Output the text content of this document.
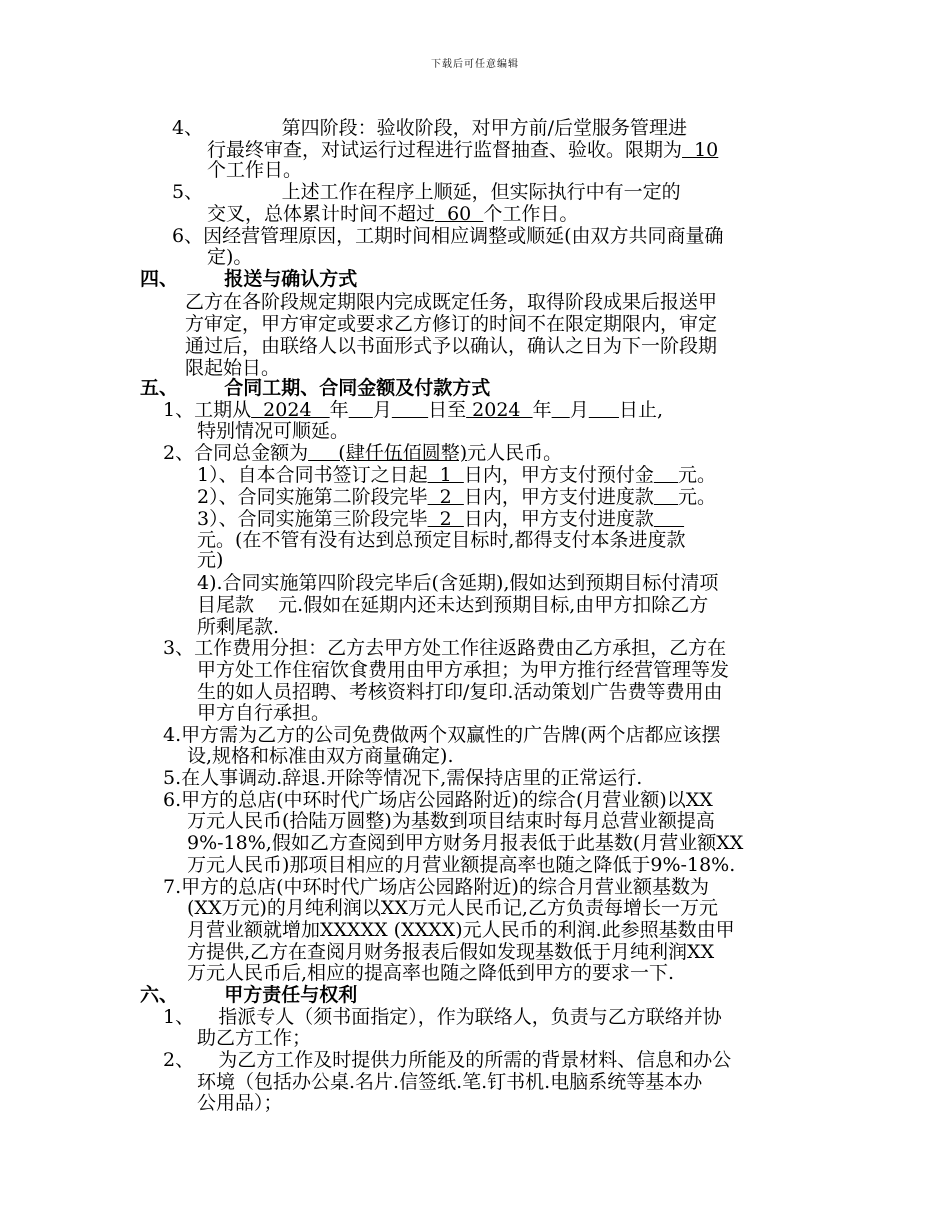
下载后可任意编辑
4、             第四阶段：验收阶段，对甲方前/后堂服务管理进
行最终审查，对试运行过程进行监督抽查、验收。限期为  10
个工作日。
5、             上述工作在程序上顺延，但实际执行中有一定的
交叉，总体累计时间不超过  60  个工作日。
6、因经营管理原因，工期时间相应调整或顺延(由双方共同商量确
定)。
四、       报送与确认方式
乙方在各阶段规定期限内完成既定任务，取得阶段成果后报送甲
方审定，甲方审定或要求乙方修订的时间不在限定期限内，审定
通过后，由联络人以书面形式予以确认，确认之日为下一阶段期
限起始日。
五、       合同工期、合同金额及付款方式
1、工期从  2024   年 月 日至 2024  年 月 日止,
特别情况可顺延。
2、合同总金额为     (肆仟伍佰圆整)元人民币。
1）、自本合同书签订之日起  1  日内，甲方支付预付金 元。
2）、合同实施第二阶段完毕  2  日内，甲方支付进度款 元。
3）、合同实施第三阶段完毕  2  日内，甲方支付进度款
元。(在不管有没有达到总预定目标时,都得支付本条进度款
元)
4).合同实施第四阶段完毕后(含延期),假如达到预期目标付清项
目尾款    元.假如在延期内还未达到预期目标,由甲方扣除乙方
所剩尾款.
3、工作费用分担：乙方去甲方处工作往返路费由乙方承担，乙方在
甲方处工作住宿饮食费用由甲方承担；为甲方推行经营管理等发
生的如人员招聘、考核资料打印/复印.活动策划广告费等费用由
甲方自行承担。
4.甲方需为乙方的公司免费做两个双赢性的广告牌(两个店都应该摆
设,规格和标准由双方商量确定).
5.在人事调动.辞退.开除等情况下,需保持店里的正常运行.
6.甲方的总店(中环时代广场店公园路附近)的综合(月营业额)以XX
万元人民币(拾陆万圆整)为基数到项目结束时每月总营业额提高
9%-18%,假如乙方查阅到甲方财务月报表低于此基数(月营业额XX
万元人民币)那项目相应的月营业额提高率也随之降低于9%-18%.
7.甲方的总店(中环时代广场店公园路附近)的综合月营业额基数为
(XX万元)的月纯利润以XX万元人民币记,乙方负责每增长一万元
月营业额就增加XXXXX (XXXX)元人民币的利润.此参照基数由甲
方提供,乙方在查阅月财务报表后假如发现基数低于月纯利润XX
万元人民币后,相应的提高率也随之降低到甲方的要求一下.
六、       甲方责任与权利
1、    指派专人（须书面指定），作为联络人，负责与乙方联络并协
助乙方工作；
2、    为乙方工作及时提供力所能及的所需的背景材料、信息和办公
环境（包括办公桌.名片.信签纸.笔.钉书机.电脑系统等基本办
公用品）；
